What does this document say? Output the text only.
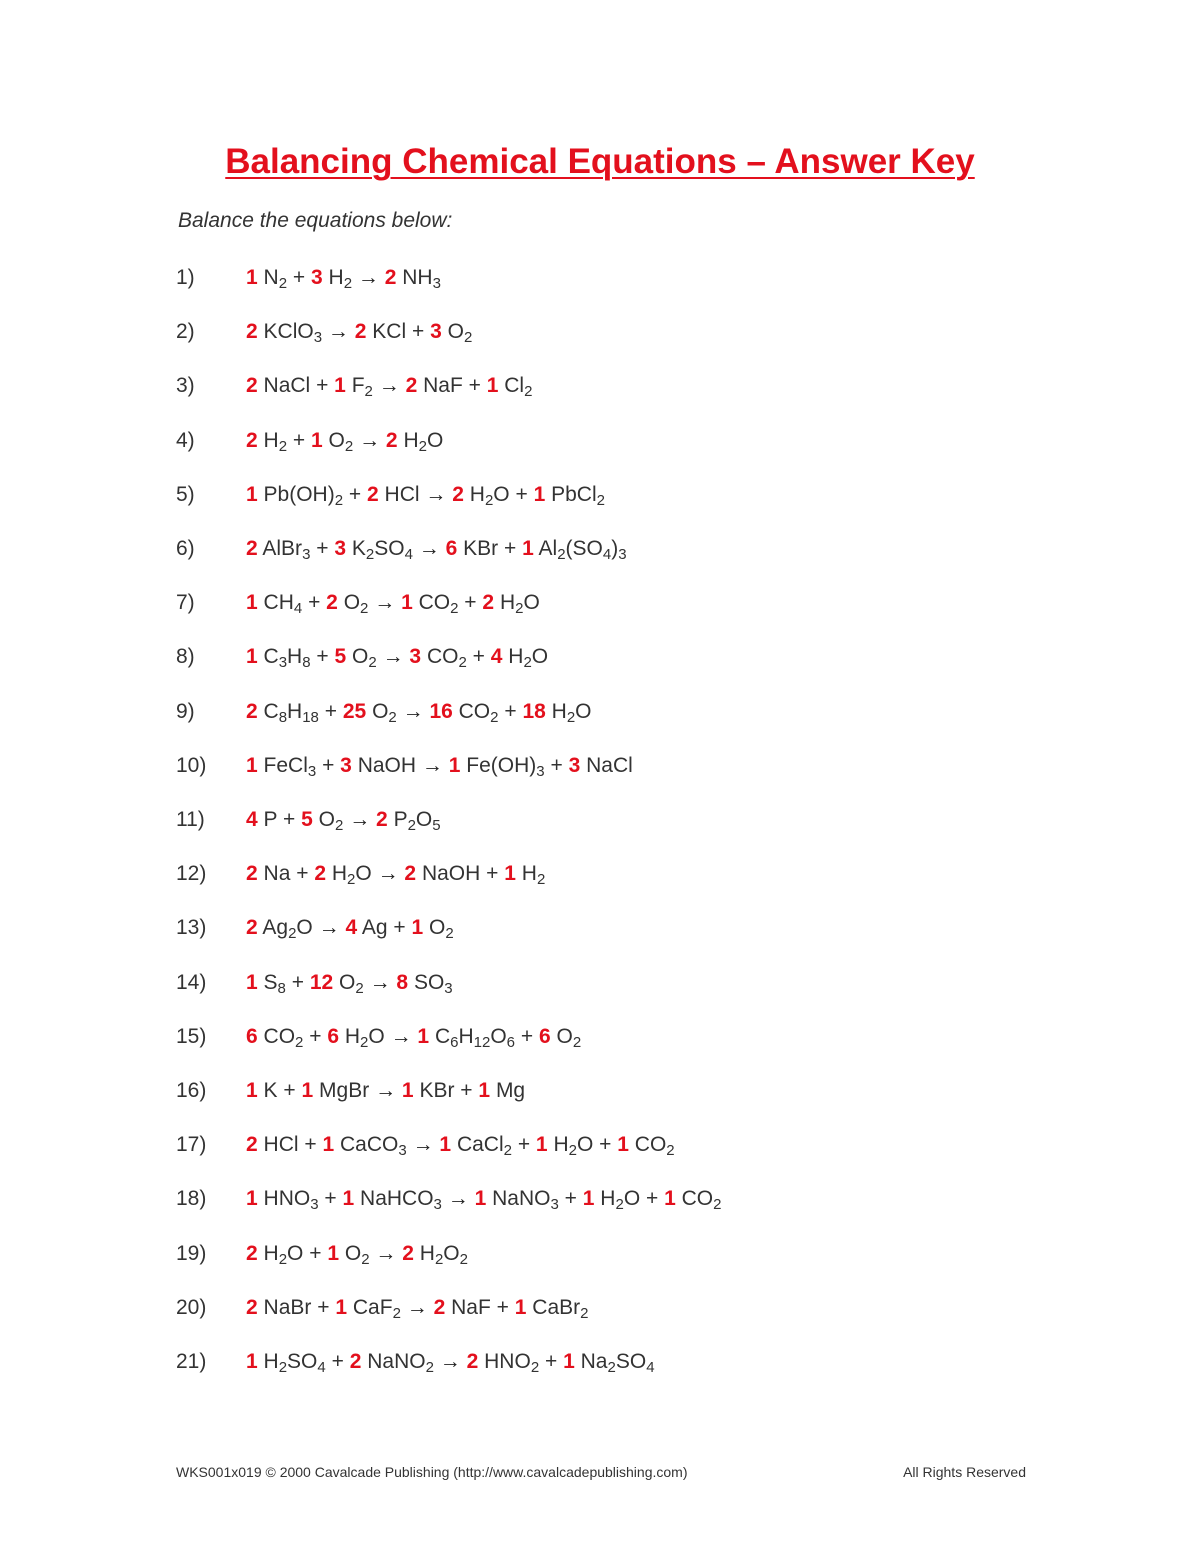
Balancing Chemical Equations – Answer Key

Balance the equations below:

1) 1 $N_2 + 3$ $H_2 \to 2$ $NH_3$
2) 2 KClO$_3$ → 2 KCl + 3 $O_2$
3) 2 NaCl + 1 $F_2 \to 2$ NaF + 1 $Cl_2$
4) 2 $H_2 + 1$ $O_2 \to 2$ $H_2O$
5) 1 $Pb(OH)_2 + 2$ HCl → 2 $H_2O + 1$ PbCl$_2$
6) 2 AlBr$_3$ + 3 $K_2SO_4 \to 6$ KBr + 1 $Al_2(SO_4)_3$
7) 1 $CH_4 + 2$ $O_2 \to 1$ $CO_2 + 2$ $H_2O$
8) 1 $C_3H_8 + 5$ $O_2 \to 3$ $CO_2 + 4$ $H_2O$
9) 2 $C_8H_{18} + 25$ $O_2 \to 16$ $CO_2 + 18$ $H_2O$
10) 1 FeCl$_3$ + 3 NaOH → 1 $Fe(OH)_3 + 3$ NaCl
11) 4 P + 5 $O_2 \to 2$ $P_2O_5$
12) 2 Na + 2 $H_2O \to 2$ NaOH + 1 $H_2$
13) 2 $Ag_2O \to 4$ Ag + 1 $O_2$
14) 1 $S_8 + 12$ $O_2 \to 8$ $SO_3$
15) 6 $CO_2 + 6$ $H_2O \to 1$ $C_6H_{12}O_6 + 6$ $O_2$
16) 1 K + 1 MgBr → 1 KBr + 1 Mg
17) 2 HCl + 1 CaCO$_3$ → 1 CaCl$_2$ + 1 $H_2O + 1$ $CO_2$
18) 1 $HNO_3 + 1$ NaHCO$_3$ → 1 NaNO$_3$ + 1 $H_2O + 1$ $CO_2$
19) 2 $H_2O + 1$ $O_2 \to 2$ $H_2O_2$
20) 2 NaBr + 1 CaF$_2$ → 2 NaF + 1 CaBr$_2$
21) 1 $H_2SO_4 + 2$ NaNO$_2$ → 2 $HNO_2 + 1$ $Na_2SO_4$
WKS001x019 © 2000 Cavalcade Publishing (http://www.cavalcadepublishing.com)	All Rights Reserved
